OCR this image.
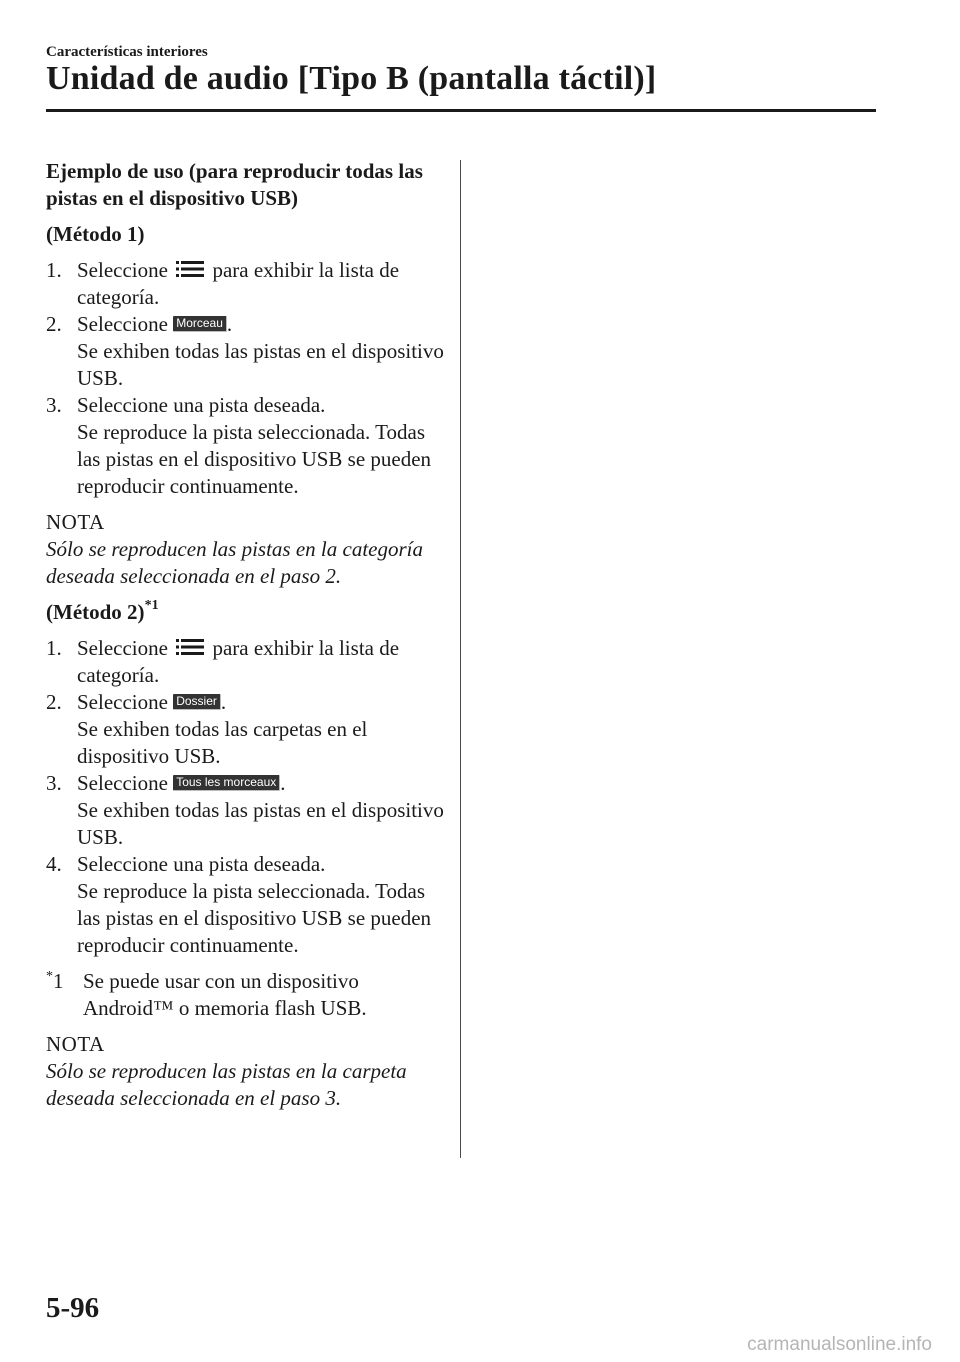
Características interiores

Unidad de audio [Tipo B (pantalla táctil)]

Ejemplo de uso (para reproducir todas las pistas en el dispositivo USB)

(Método 1)

1. Seleccione para exhibir la lista de categoría.
2. Seleccione Morceau .
Se exhiben todas las pistas en el dispositivo USB.
3. Seleccione una pista deseada.
Se reproduce la pista seleccionada. Todas las pistas en el dispositivo USB se pueden reproducir continuamente.

NOTA

Sólo se reproducen las pistas en la categoría deseada seleccionada en el paso 2.

(Método 2)$^{*1}$

1. Seleccione para exhibir la lista de categoría.
2. Seleccione Dossier .
Se exhiben todas las carpetas en el dispositivo USB.
3. Seleccione Tous les morceaux .
Se exhiben todas las pistas en el dispositivo USB.
4. Seleccione una pista deseada.
Se reproduce la pista seleccionada. Todas las pistas en el dispositivo USB se pueden reproducir continuamente.

*1 Se puede usar con un dispositivo Android™ o memoria flash USB.

NOTA

Sólo se reproducen las pistas en la carpeta deseada seleccionada en el paso 3.

5-96

carmanualsonline.info
